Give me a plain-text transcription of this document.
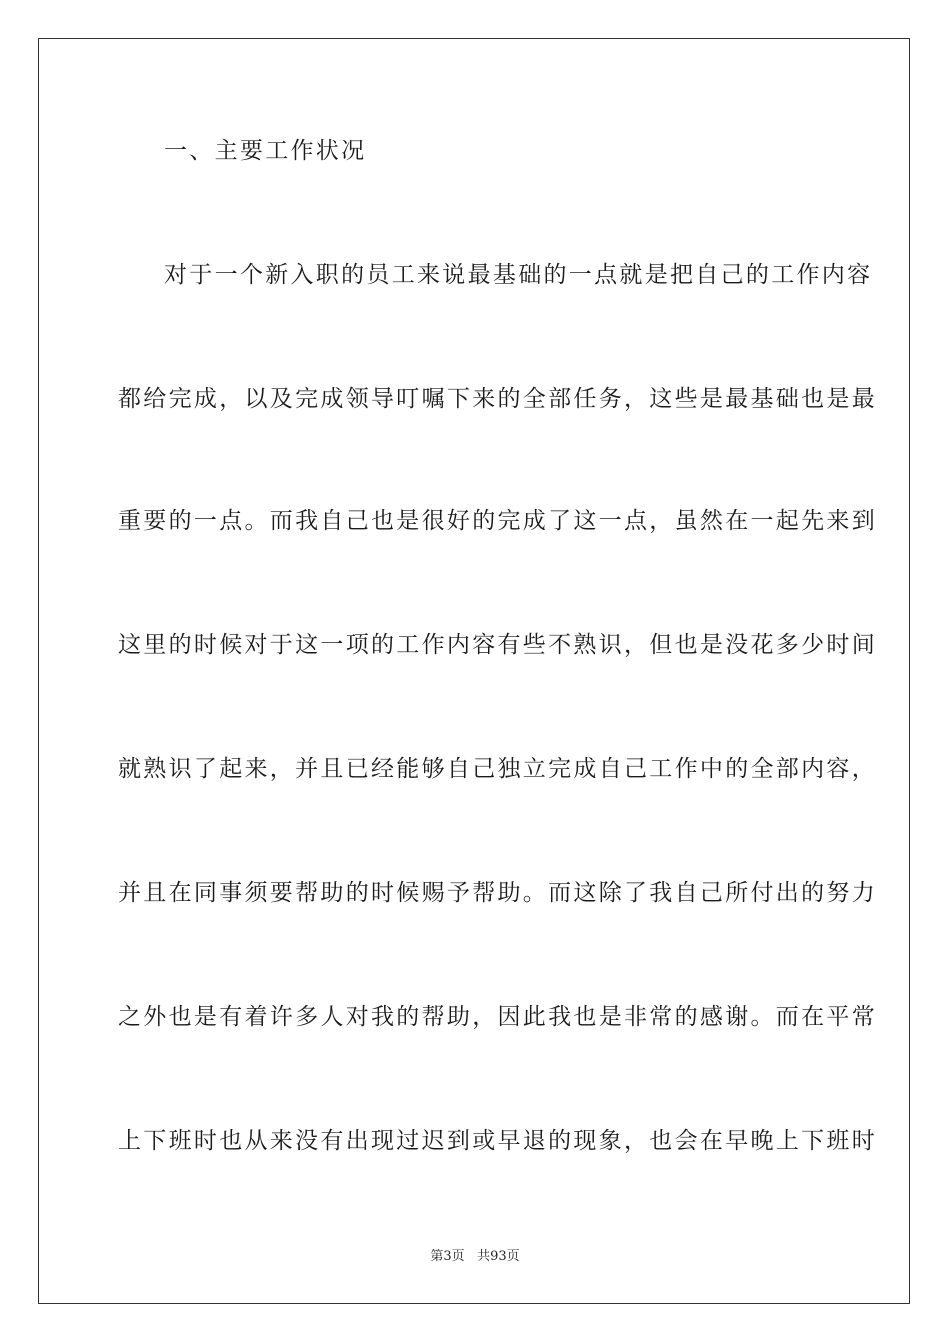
一、主要工作状况
对于一个新入职的员工来说最基础的一点就是把自己的工作内容
都给完成，以及完成领导叮嘱下来的全部任务，这些是最基础也是最
重要的一点。而我自己也是很好的完成了这一点，虽然在一起先来到
这里的时候对于这一项的工作内容有些不熟识，但也是没花多少时间
就熟识了起来，并且已经能够自己独立完成自己工作中的全部内容，
并且在同事须要帮助的时候赐予帮助。而这除了我自己所付出的努力
之外也是有着许多人对我的帮助，因此我也是非常的感谢。而在平常
上下班时也从来没有出现过迟到或早退的现象，也会在早晚上下班时
第3页 共93页
